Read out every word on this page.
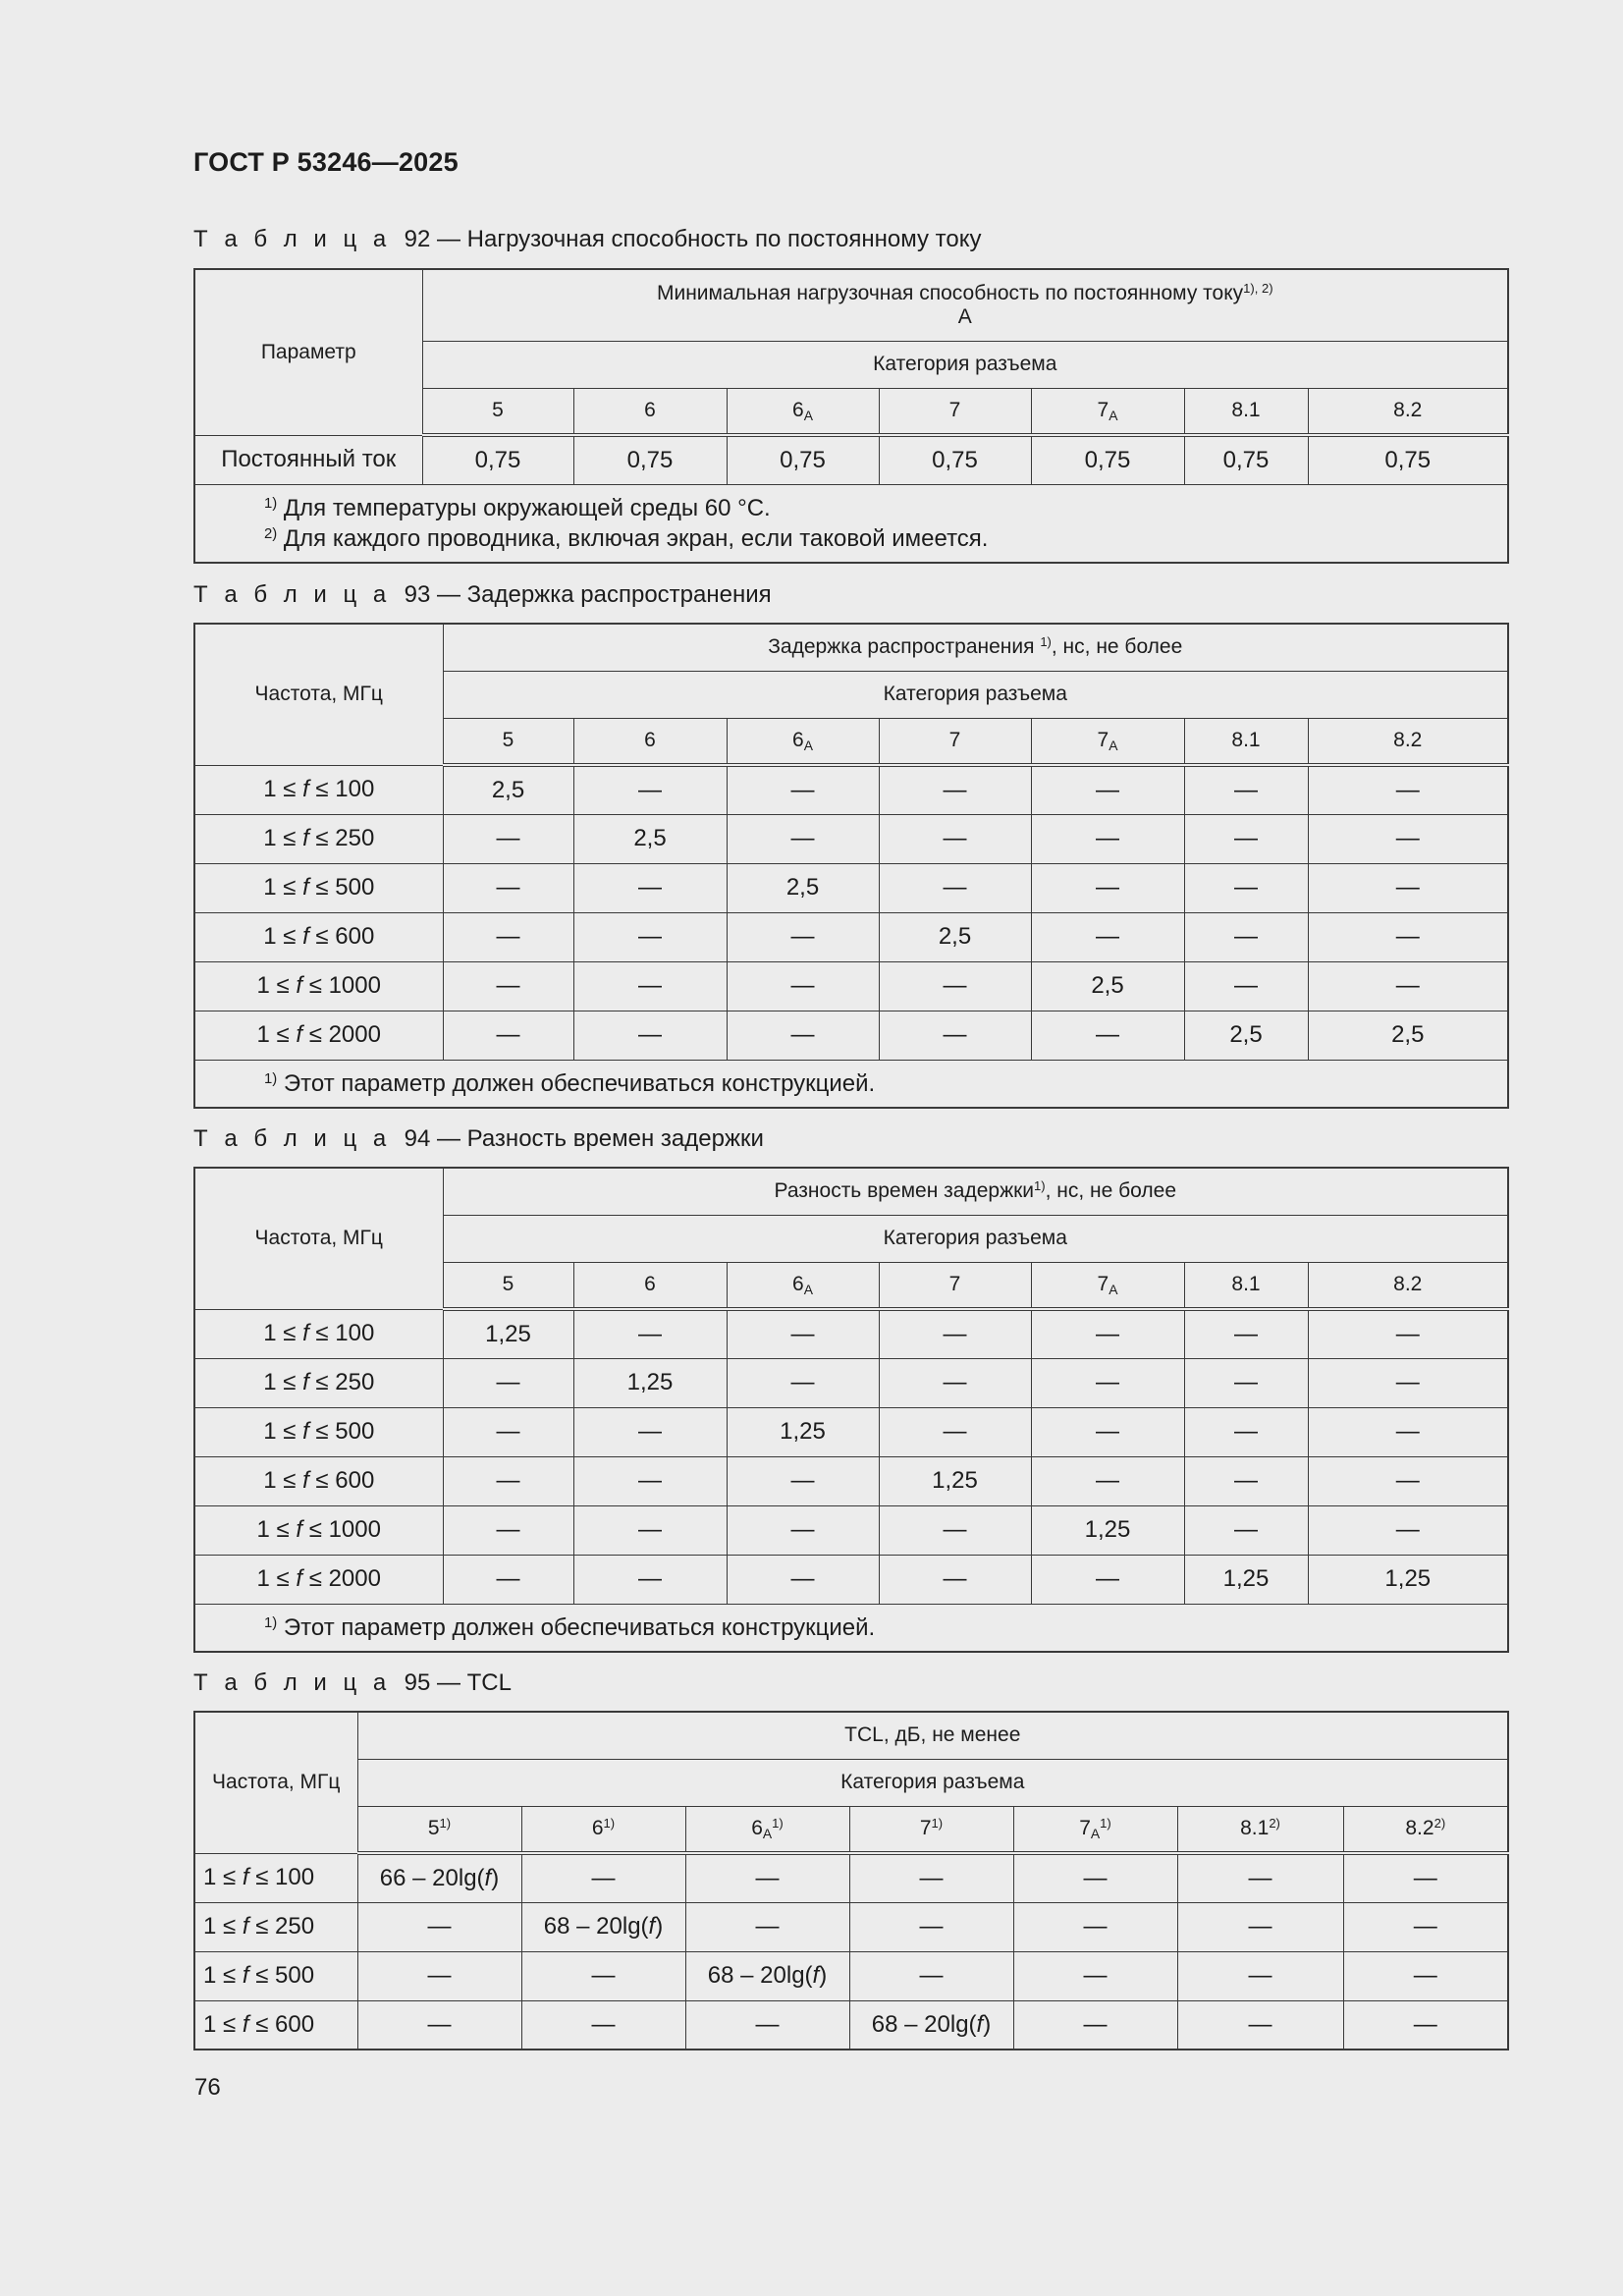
ГОСТ Р 53246—2025
Т а б л и ц а 92 — Нагрузочная способность по постоянному току
Параметр	Минимальная нагрузочная способность по постоянному току$^{1), 2)}$
А						
	Категория разъема						
	5	6	$6_A$	7	$7_A$	8.1	8.2
Постоянный ток	0,75	0,75	0,75	0,75	0,75	0,75	0,75
$^{1)}$ Для температуры окружающей среды 60 °С.
$^{2)}$ Для каждого проводника, включая экран, если таковой имеется.							
Т а б л и ц а 93 — Задержка распространения
Частота, МГц	Задержка распространения $^{1)}$, нс, не более						
	Категория разъема						
	5	6	$6_A$	7	$7_A$	8.1	8.2
1 ≤ f ≤ 100	2,5	—	—	—	—	—	—
1 ≤ f ≤ 250	—	2,5	—	—	—	—	—
1 ≤ f ≤ 500	—	—	2,5	—	—	—	—
1 ≤ f ≤ 600	—	—	—	2,5	—	—	—
1 ≤ f ≤ 1000	—	—	—	—	2,5	—	—
1 ≤ f ≤ 2000	—	—	—	—	—	2,5	2,5
$^{1)}$ Этот параметр должен обеспечиваться конструкцией.							
Т а б л и ц а 94 — Разность времен задержки
Частота, МГц	Разность времен задержки$^{1)}$, нс, не более						
	Категория разъема						
	5	6	$6_A$	7	$7_A$	8.1	8.2
1 ≤ f ≤ 100	1,25	—	—	—	—	—	—
1 ≤ f ≤ 250	—	1,25	—	—	—	—	—
1 ≤ f ≤ 500	—	—	1,25	—	—	—	—
1 ≤ f ≤ 600	—	—	—	1,25	—	—	—
1 ≤ f ≤ 1000	—	—	—	—	1,25	—	—
1 ≤ f ≤ 2000	—	—	—	—	—	1,25	1,25
$^{1)}$ Этот параметр должен обеспечиваться конструкцией.							
Т а б л и ц а 95 — TCL
Частота, МГц	TCL, дБ, не менее						
	Категория разъема						
	5$^{1)}$	6$^{1)}$	$6_A^{1)}$	7$^{1)}$	$7_A^{1)}$	8.1$^{2)}$	8.2$^{2)}$
1 ≤ f ≤ 100	66 – 20lg(f)	—	—	—	—	—	—
1 ≤ f ≤ 250	—	68 – 20lg(f)	—	—	—	—	—
1 ≤ f ≤ 500	—	—	68 – 20lg(f)	—	—	—	—
1 ≤ f ≤ 600	—	—	—	68 – 20lg(f)	—	—	—
76
